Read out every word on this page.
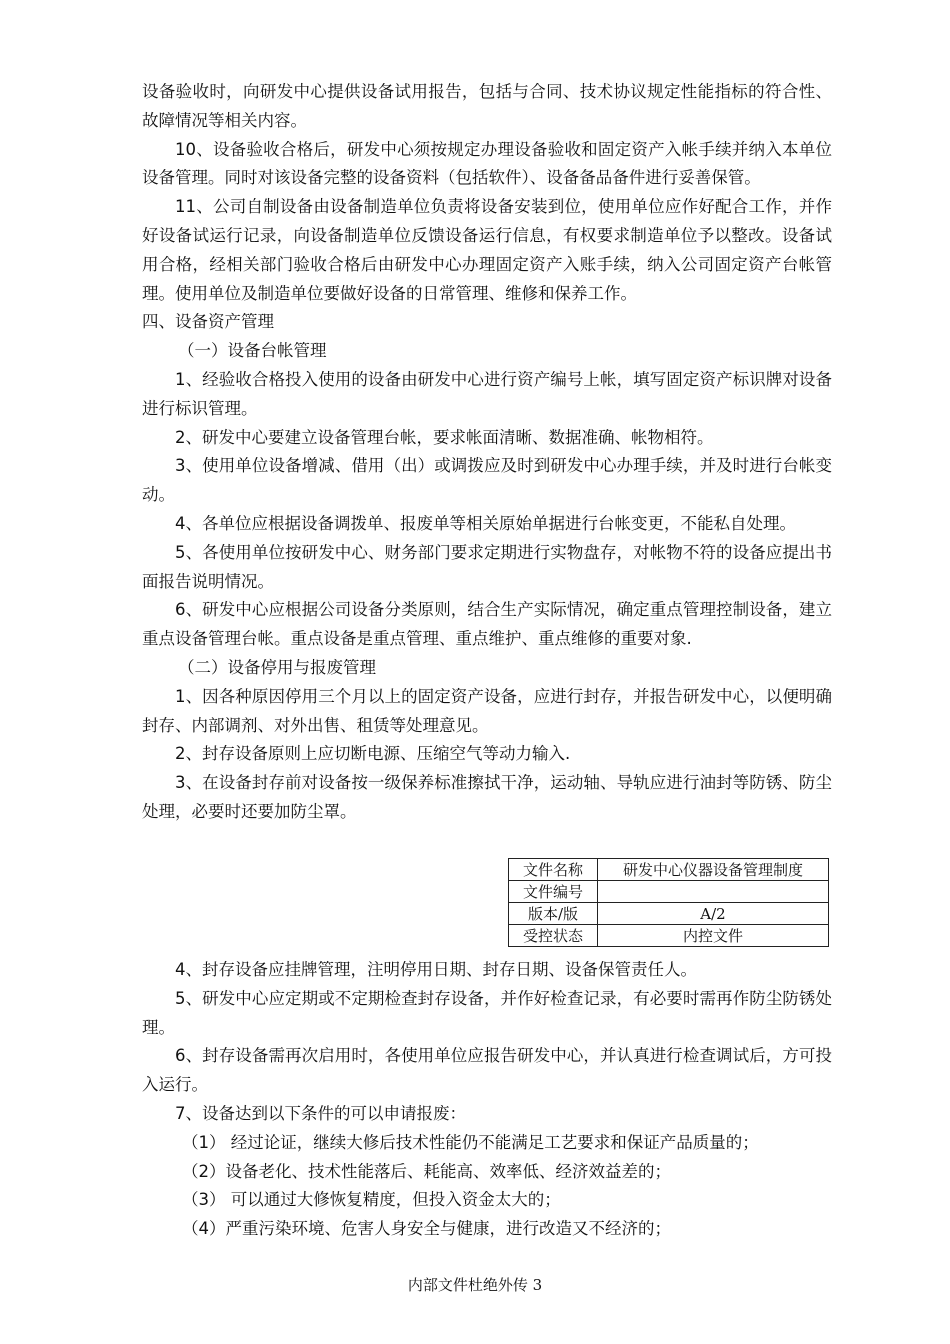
设备验收时，向研发中心提供设备试用报告，包括与合同、技术协议规定性能指标的符合性、故障情况等相关内容。

10、设备验收合格后，研发中心须按规定办理设备验收和固定资产入帐手续并纳入本单位设备管理。同时对该设备完整的设备资料（包括软件）、设备备品备件进行妥善保管。

11、公司自制设备由设备制造单位负责将设备安装到位，使用单位应作好配合工作，并作好设备试运行记录，向设备制造单位反馈设备运行信息，有权要求制造单位予以整改。设备试用合格，经相关部门验收合格后由研发中心办理固定资产入账手续，纳入公司固定资产台帐管理。使用单位及制造单位要做好设备的日常管理、维修和保养工作。

四、设备资产管理

（一）设备台帐管理

1、经验收合格投入使用的设备由研发中心进行资产编号上帐，填写固定资产标识牌对设备进行标识管理。

2、研发中心要建立设备管理台帐，要求帐面清晰、数据准确、帐物相符。

3、使用单位设备增减、借用（出）或调拨应及时到研发中心办理手续，并及时进行台帐变动。

4、各单位应根据设备调拨单、报废单等相关原始单据进行台帐变更，不能私自处理。

5、各使用单位按研发中心、财务部门要求定期进行实物盘存，对帐物不符的设备应提出书面报告说明情况。

6、研发中心应根据公司设备分类原则，结合生产实际情况，确定重点管理控制设备，建立重点设备管理台帐。重点设备是重点管理、重点维护、重点维修的重要对象.

（二）设备停用与报废管理

1、因各种原因停用三个月以上的固定资产设备，应进行封存，并报告研发中心，以便明确封存、内部调剂、对外出售、租赁等处理意见。

2、封存设备原则上应切断电源、压缩空气等动力输入.

3、在设备封存前对设备按一级保养标准擦拭干净，运动轴、导轨应进行油封等防锈、防尘处理，必要时还要加防尘罩。

文件名称	研发中心仪器设备管理制度
文件编号	
版本/版	A/2
受控状态	内控文件

4、封存设备应挂牌管理，注明停用日期、封存日期、设备保管责任人。

5、研发中心应定期或不定期检查封存设备，并作好检查记录，有必要时需再作防尘防锈处理。

6、封存设备需再次启用时，各使用单位应报告研发中心，并认真进行检查调试后，方可投入运行。

7、设备达到以下条件的可以申请报废：

（1） 经过论证，继续大修后技术性能仍不能满足工艺要求和保证产品质量的；

（2）设备老化、技术性能落后、耗能高、效率低、经济效益差的；

（3） 可以通过大修恢复精度，但投入资金太大的；

（4）严重污染环境、危害人身安全与健康，进行改造又不经济的；

内部文件杜绝外传 3
